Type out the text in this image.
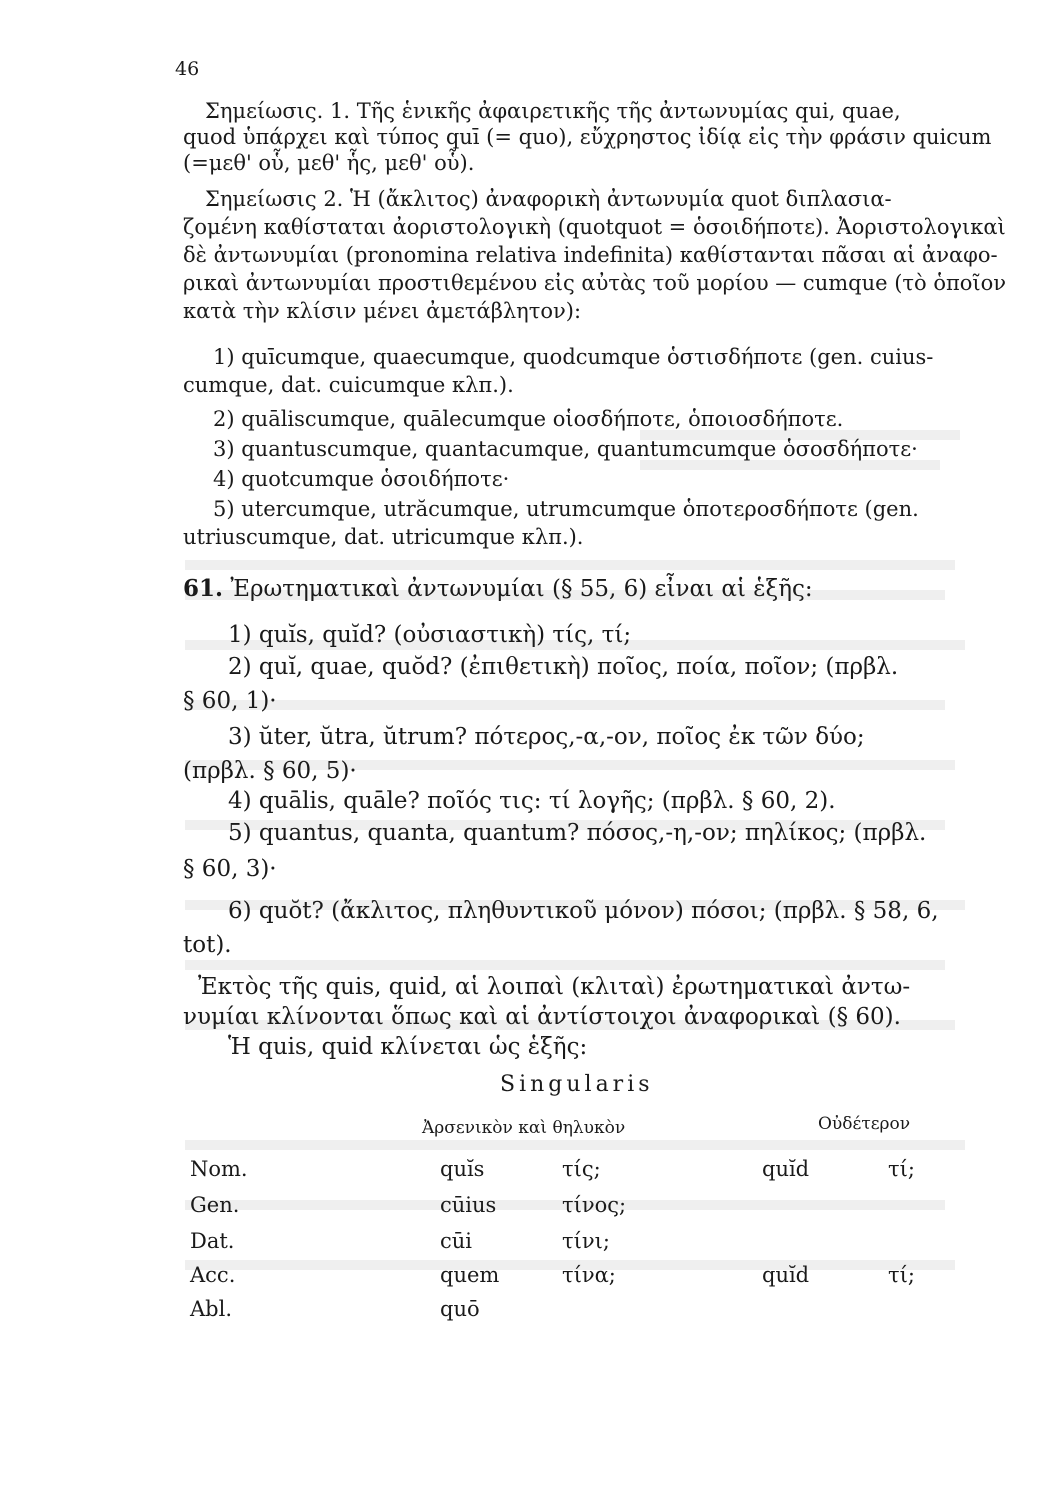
46
Σημείωσις. 1. Τῆς ἑνικῆς ἀφαιρετικῆς τῆς ἀντωνυμίας qui, quae,
quod ὑπάρχει καὶ τύπος quī (= quo), εὔχρηστος ἰδίᾳ εἰς τὴν φράσιν quicum
(=μεθ' οὗ, μεθ' ἧς, μεθ' οὗ).
Σημείωσις 2. Ἡ (ἄκλιτος) ἀναφορικὴ ἀντωνυμία quot διπλασια-
ζομένη καθίσταται ἀοριστολογικὴ (quotquot = ὁσοιδήποτε). Ἀοριστολογικαὶ
δὲ ἀντωνυμίαι (pronomina relativa indefinita) καθίστανται πᾶσαι αἱ ἀναφο-
ρικαὶ ἀντωνυμίαι προστιθεμένου εἰς αὐτὰς τοῦ μορίου — cumque (τὸ ὁποῖον
κατὰ τὴν κλίσιν μένει ἀμετάβλητον):
1) quīcumque, quaecumque, quodcumque ὁστισδήποτε (gen. cuius-
cumque, dat. cuicumque κλπ.).
2) quāliscumque, quālecumque οἱοσδήποτε, ὁποιοσδήποτε.
3) quantuscumque, quantacumque, quantumcumque ὁσοσδήποτε·
4) quotcumque ὁσοιδήποτε·
5) utercumque, utrăcumque, utrumcumque ὁποτεροσδήποτε (gen.
utriuscumque, dat. utricumque κλπ.).
61. Ἐρωτηματικαὶ ἀντωνυμίαι (§ 55, 6) εἶναι αἱ ἑξῆς:
1) quĭs, quĭd? (οὐσιαστικὴ) τίς, τί;
2) quĭ, quae, quŏd? (ἐπιθετικὴ) ποῖος, ποία, ποῖον; (πρβλ.
§ 60, 1)·
3) ŭter, ŭtra, ŭtrum? πότερος,-α,-ον, ποῖος ἐκ τῶν δύο;
(πρβλ. § 60, 5)·
4) quālis, quāle? ποῖός τις: τί λογῆς; (πρβλ. § 60, 2).
5) quantus, quanta, quantum? πόσος,-η,-ον; πηλίκος; (πρβλ.
§ 60, 3)·
6) quŏt? (ἄκλιτος, πληθυντικοῦ μόνον) πόσοι; (πρβλ. § 58, 6,
tot).
Ἐκτὸς τῆς quis, quid, αἱ λοιπαὶ (κλιταὶ) ἐρωτηματικαὶ ἀντω-
νυμίαι κλίνονται ὅπως καὶ αἱ ἀντίστοιχοι ἀναφορικαὶ (§ 60).
Ἡ quis, quid κλίνεται ὡς ἑξῆς:
Singularis
Ἀρσενικὸν καὶ θηλυκὸν	Οὐδέτερον
Nom.	quĭs	τίς;	quĭd	τί;
Gen.	cūius	τίνος;
Dat.	cūi	τίνι;
Acc.	quem	τίνα;	quĭd	τί;
Abl.	quō
